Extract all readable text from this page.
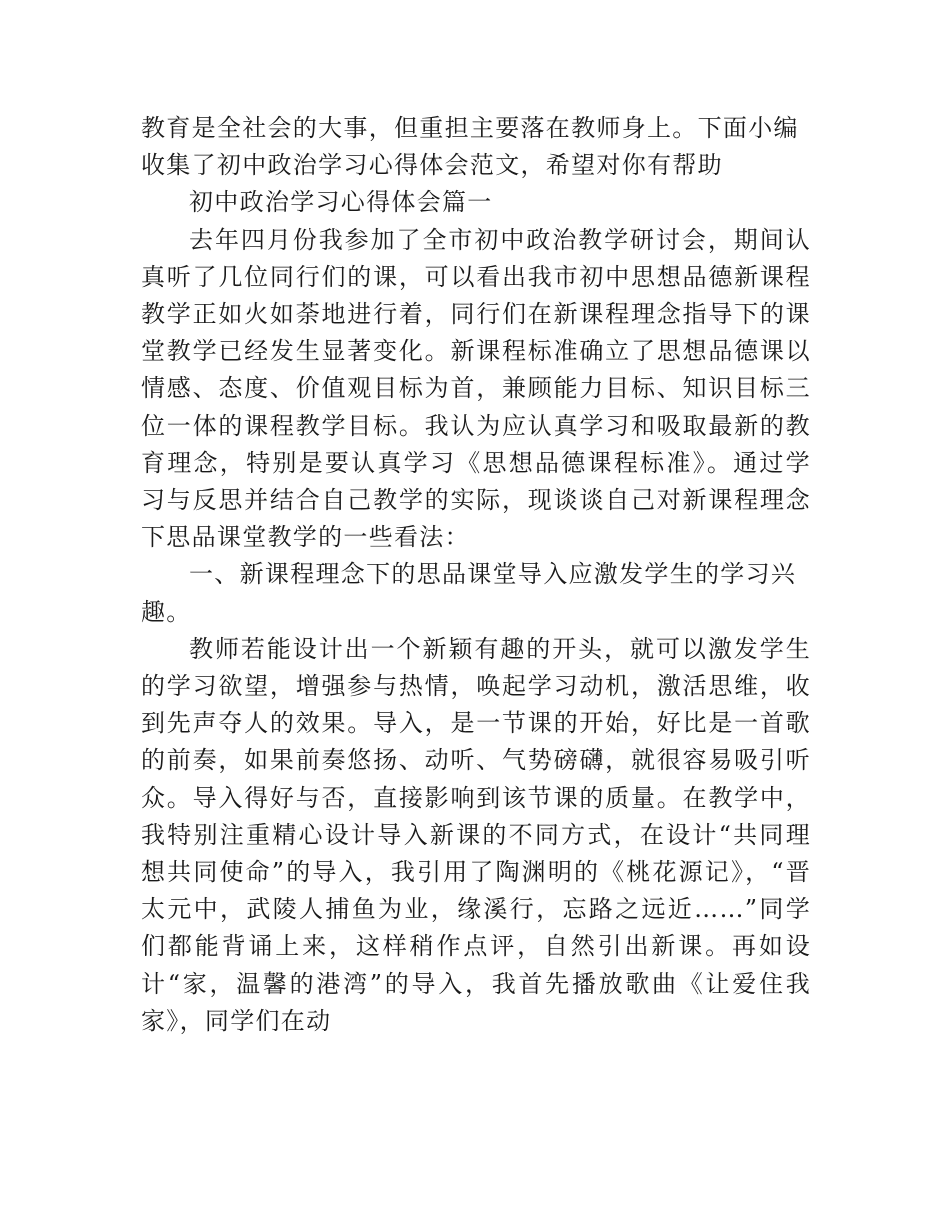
教育是全社会的大事，但重担主要落在教师身上。下面小编收集了初中政治学习心得体会范文，希望对你有帮助

初中政治学习心得体会篇一

去年四月份我参加了全市初中政治教学研讨会，期间认真听了几位同行们的课，可以看出我市初中思想品德新课程教学正如火如荼地进行着，同行们在新课程理念指导下的课堂教学已经发生显著变化。新课程标准确立了思想品德课以情感、态度、价值观目标为首，兼顾能力目标、知识目标三位一体的课程教学目标。我认为应认真学习和吸取最新的教育理念，特别是要认真学习《思想品德课程标准》。通过学习与反思并结合自己教学的实际，现谈谈自己对新课程理念下思品课堂教学的一些看法：

一、新课程理念下的思品课堂导入应激发学生的学习兴趣。

教师若能设计出一个新颖有趣的开头，就可以激发学生的学习欲望，增强参与热情，唤起学习动机，激活思维，收到先声夺人的效果。导入，是一节课的开始，好比是一首歌的前奏，如果前奏悠扬、动听、气势磅礴，就很容易吸引听众。导入得好与否，直接影响到该节课的质量。在教学中，我特别注重精心设计导入新课的不同方式，在设计“共同理想共同使命”的导入，我引用了陶渊明的《桃花源记》，“晋太元中，武陵人捕鱼为业，缘溪行，忘路之远近……”同学们都能背诵上来，这样稍作点评，自然引出新课。再如设计“家，温馨的港湾”的导入，我首先播放歌曲《让爱住我家》，同学们在动
